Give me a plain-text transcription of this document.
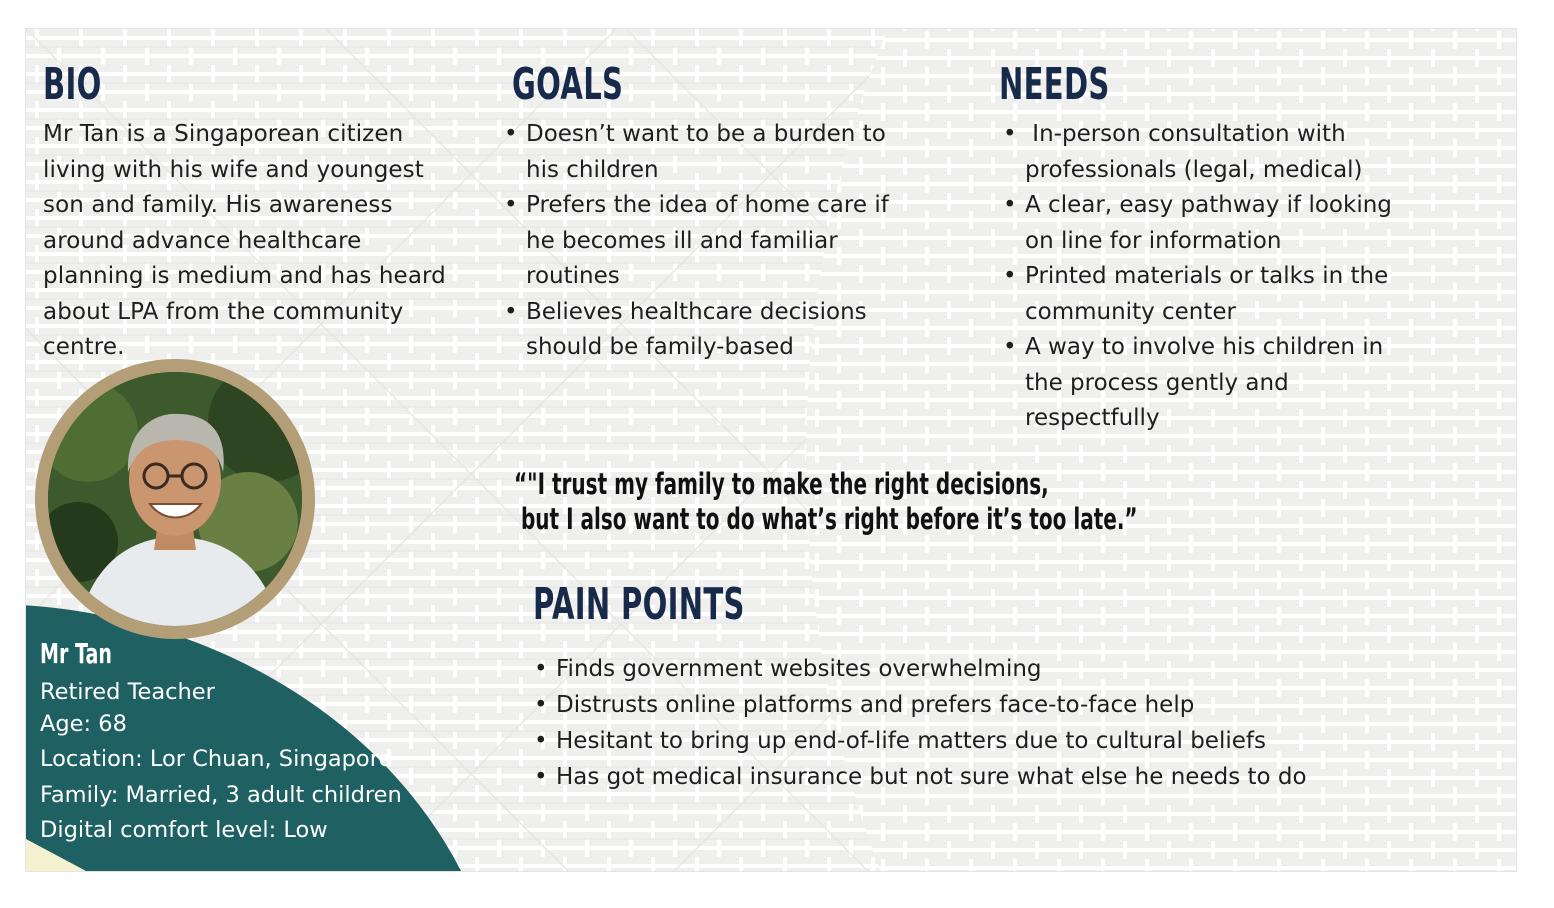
BIO
Mr Tan is a Singaporean citizen
living with his wife and youngest
son and family. His awareness
around advance healthcare
planning is medium and has heard
about LPA from the community
centre.
GOALS
• Doesn’t want to be a burden to
his children
• Prefers the idea of home care if
he becomes ill and familiar
routines
• Believes healthcare decisions
should be family-based
NEEDS
•  In-person consultation with
professionals (legal, medical)
• A clear, easy pathway if looking
on line for information
• Printed materials or talks in the
community center
• A way to involve his children in
the process gently and
respectfully
“"I trust my family to make the right decisions,
but I also want to do what’s right before it’s too late.”
PAIN POINTS
• Finds government websites overwhelming
• Distrusts online platforms and prefers face-to-face help
• Hesitant to bring up end-of-life matters due to cultural beliefs
• Has got medical insurance but not sure what else he needs to do
Mr Tan
Retired Teacher
Age: 68
Location: Lor Chuan, Singapore
Family: Married, 3 adult children
Digital comfort level: Low
